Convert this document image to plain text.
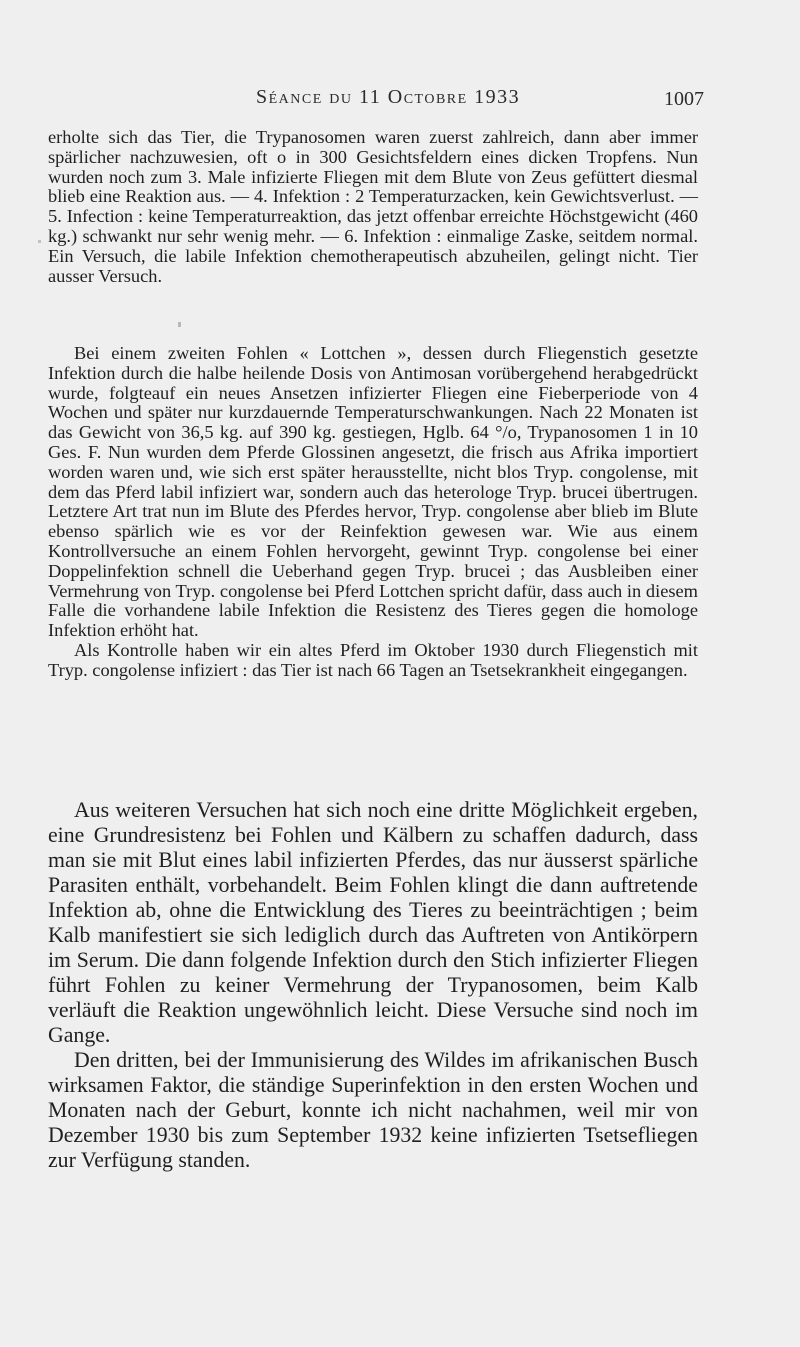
Séance du 11 Octobre 1933	1007

erholte sich das Tier, die Trypanosomen waren zuerst zahlreich, dann aber immer spärlicher nachzuwesien, oft o in 300 Gesichtsfeldern eines dicken Tropfens. Nun wurden noch zum 3. Male infizierte Fliegen mit dem Blute von Zeus gefüttert diesmal blieb eine Reaktion aus. — 4. Infektion : 2 Temperaturzacken, kein Gewichtsverlust. — 5. Infection : keine Temperaturreaktion, das jetzt offenbar erreichte Höchstgewicht (460 kg.) schwankt nur sehr wenig mehr. — 6. Infektion : einmalige Zaske, seitdem normal. Ein Versuch, die labile Infektion chemotherapeutisch abzuheilen, gelingt nicht. Tier ausser Versuch.

Bei einem zweiten Fohlen « Lottchen », dessen durch Fliegenstich gesetzte Infektion durch die halbe heilende Dosis von Antimosan vorübergehend herabgedrückt wurde, folgteauf ein neues Ansetzen infizierter Fliegen eine Fieberperiode von 4 Wochen und später nur kurzdauernde Temperaturschwankungen. Nach 22 Monaten ist das Gewicht von 36,5 kg. auf 390 kg. gestiegen, Hglb. 64 °/o, Trypanosomen 1 in 10 Ges. F. Nun wurden dem Pferde Glossinen angesetzt, die frisch aus Afrika importiert worden waren und, wie sich erst später herausstellte, nicht blos Tryp. congolense, mit dem das Pferd labil infiziert war, sondern auch das heterologe Tryp. brucei übertrugen. Letztere Art trat nun im Blute des Pferdes hervor, Tryp. congolense aber blieb im Blute ebenso spärlich wie es vor der Reinfektion gewesen war. Wie aus einem Kontrollversuche an einem Fohlen hervorgeht, gewinnt Tryp. congolense bei einer Doppelinfektion schnell die Ueberhand gegen Tryp. brucei ; das Ausbleiben einer Vermehrung von Tryp. congolense bei Pferd Lottchen spricht dafür, dass auch in diesem Falle die vorhandene labile Infektion die Resistenz des Tieres gegen die homologe Infektion erhöht hat.

Als Kontrolle haben wir ein altes Pferd im Oktober 1930 durch Fliegenstich mit Tryp. congolense infiziert : das Tier ist nach 66 Tagen an Tsetsekrankheit eingegangen.

Aus weiteren Versuchen hat sich noch eine dritte Möglichkeit ergeben, eine Grundresistenz bei Fohlen und Kälbern zu schaffen dadurch, dass man sie mit Blut eines labil infizierten Pferdes, das nur äusserst spärliche Parasiten enthält, vorbehandelt. Beim Fohlen klingt die dann auftretende Infektion ab, ohne die Entwicklung des Tieres zu beeinträchtigen ; beim Kalb manifestiert sie sich lediglich durch das Auftreten von Antikörpern im Serum. Die dann folgende Infektion durch den Stich infizierter Fliegen führt Fohlen zu keiner Vermehrung der Trypanosomen, beim Kalb verläuft die Reaktion ungewöhnlich leicht. Diese Versuche sind noch im Gange.

Den dritten, bei der Immunisierung des Wildes im afrikanischen Busch wirksamen Faktor, die ständige Superinfektion in den ersten Wochen und Monaten nach der Geburt, konnte ich nicht nachahmen, weil mir von Dezember 1930 bis zum September 1932 keine infizierten Tsetsefliegen zur Verfügung standen.
